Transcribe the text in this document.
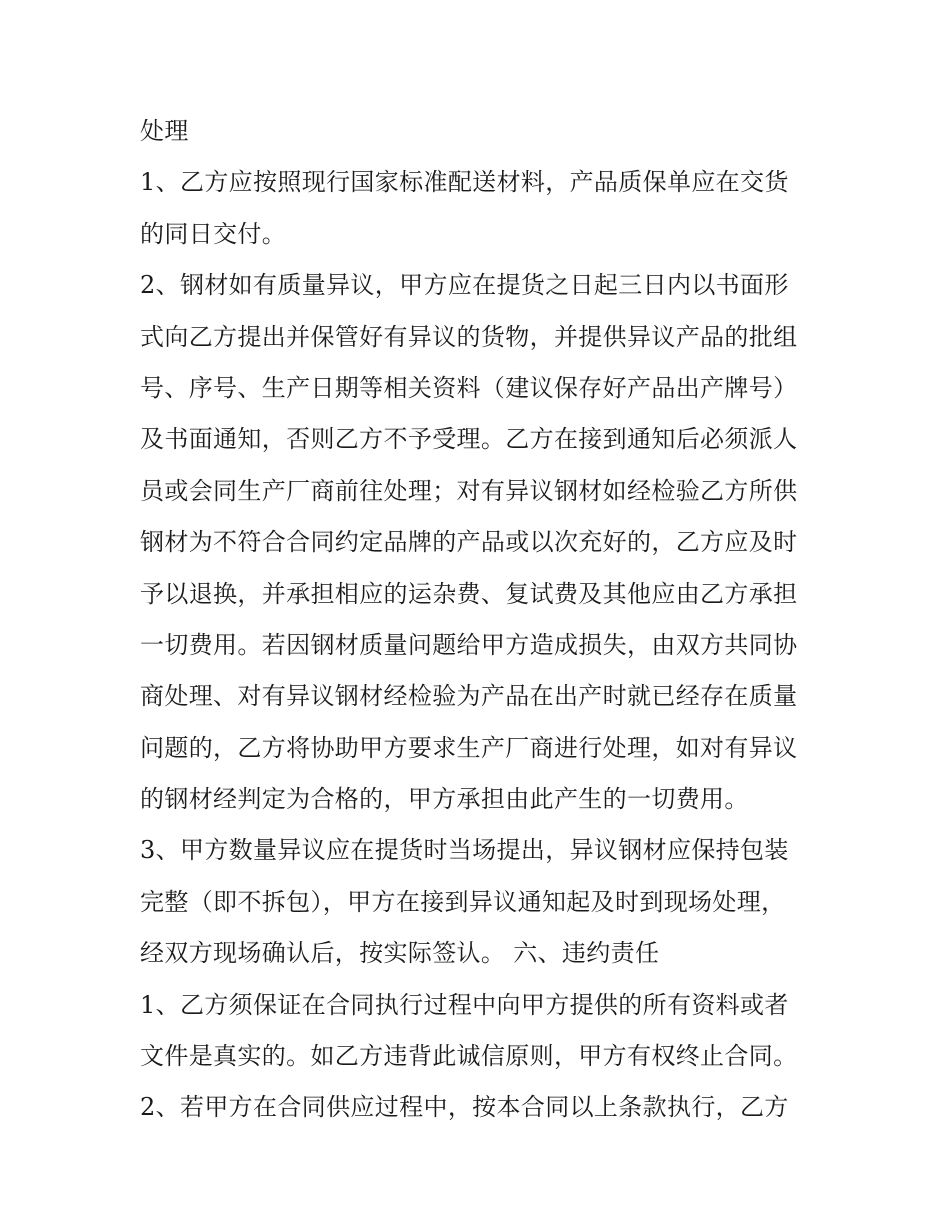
处理
1、乙方应按照现行国家标准配送材料，产品质保单应在交货
的同日交付。
2、钢材如有质量异议，甲方应在提货之日起三日内以书面形
式向乙方提出并保管好有异议的货物，并提供异议产品的批组
号、序号、生产日期等相关资料（建议保存好产品出产牌号）
及书面通知，否则乙方不予受理。乙方在接到通知后必须派人
员或会同生产厂商前往处理；对有异议钢材如经检验乙方所供
钢材为不符合合同约定品牌的产品或以次充好的，乙方应及时
予以退换，并承担相应的运杂费、复试费及其他应由乙方承担
一切费用。若因钢材质量问题给甲方造成损失，由双方共同协
商处理、对有异议钢材经检验为产品在出产时就已经存在质量
问题的，乙方将协助甲方要求生产厂商进行处理，如对有异议
的钢材经判定为合格的，甲方承担由此产生的一切费用。
3、甲方数量异议应在提货时当场提出，异议钢材应保持包装
完整（即不拆包），甲方在接到异议通知起及时到现场处理，
经双方现场确认后，按实际签认。 六、违约责任
1、乙方须保证在合同执行过程中向甲方提供的所有资料或者
文件是真实的。如乙方违背此诚信原则，甲方有权终止合同。
2、若甲方在合同供应过程中，按本合同以上条款执行，乙方
